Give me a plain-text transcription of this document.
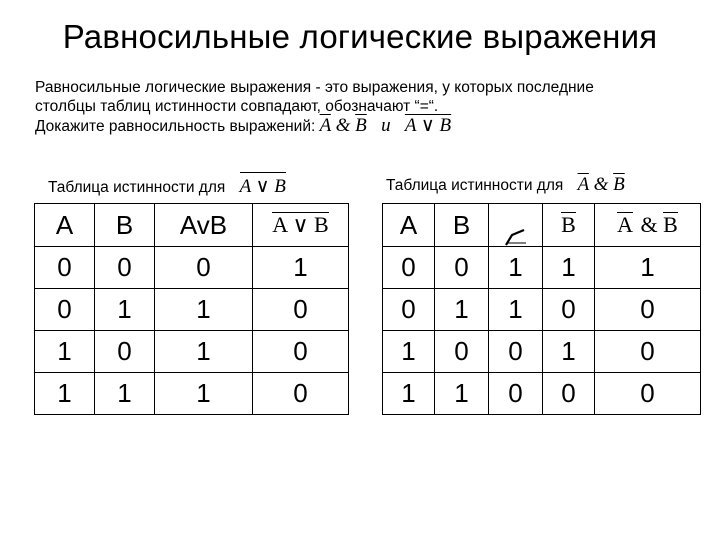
Равносильные логические выражения
Равносильные логические выражения - это выражения, у которых последние
столбцы таблиц истинности совпадают, обозначают “=“.
Докажите равносильность выражений: $\overline{A}$ & $\overline{B}$ и A ∨ B
Таблица истинности для A ∨ B	Таблица истинности для $\overline{A}$ & $\overline{B}$
A	B	AvB	A ∨ B
0	0	0	1
0	1	1	0
1	0	1	0
1	1	1	0
A	B		B	A & B
0	0	1	1	1
0	1	1	0	0
1	0	0	1	0
1	1	0	0	0
